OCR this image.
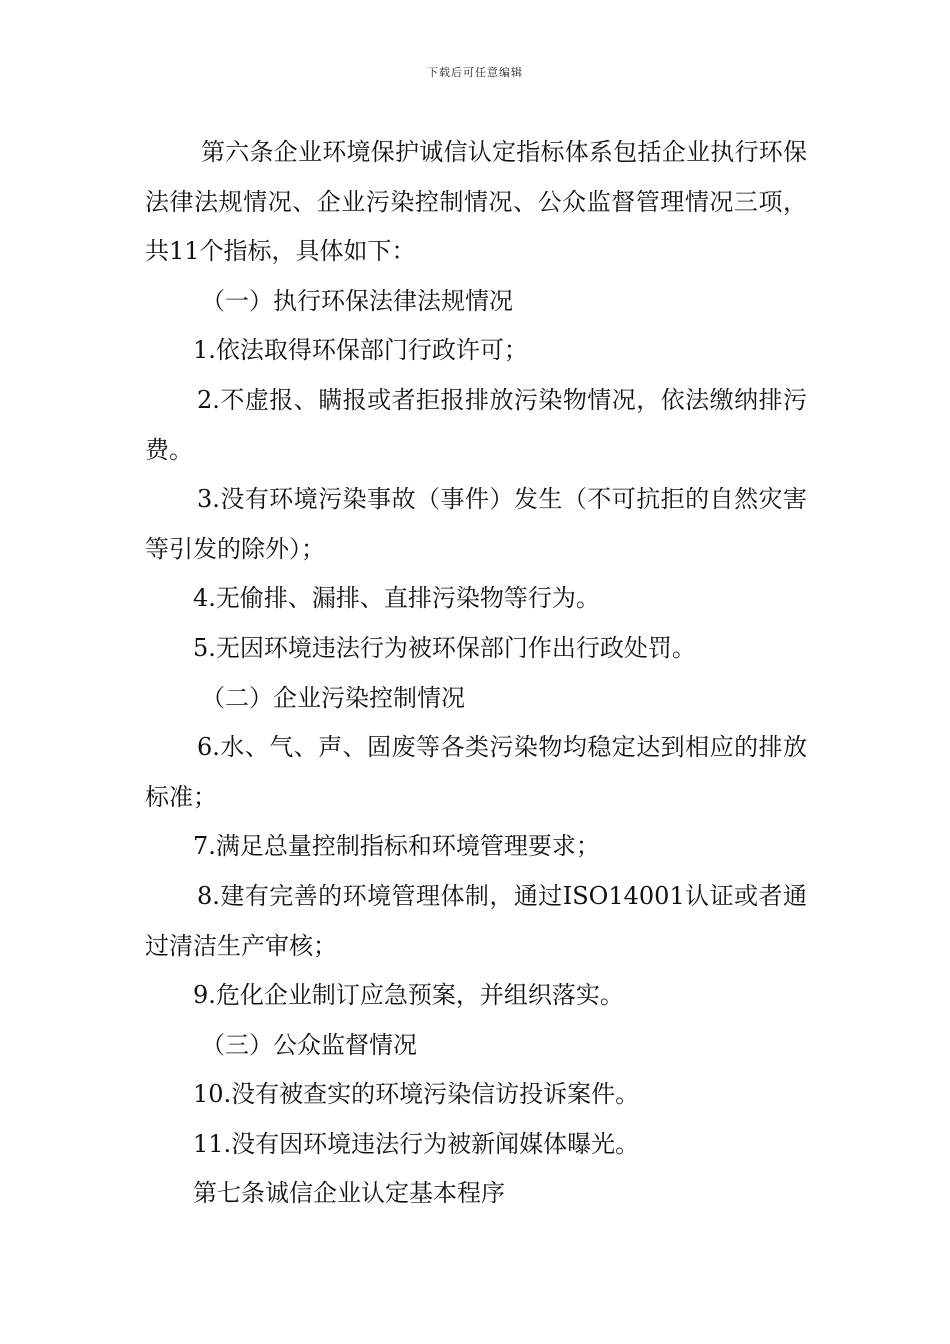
下载后可任意编辑

第六条企业环境保护诚信认定指标体系包括企业执行环保法律法规情况、企业污染控制情况、公众监督管理情况三项，共11个指标，具体如下：

（一）执行环保法律法规情况

1.依法取得环保部门行政许可；

2.不虚报、瞒报或者拒报排放污染物情况，依法缴纳排污费。

3.没有环境污染事故（事件）发生（不可抗拒的自然灾害等引发的除外）；

4.无偷排、漏排、直排污染物等行为。

5.无因环境违法行为被环保部门作出行政处罚。

（二）企业污染控制情况

6.水、气、声、固废等各类污染物均稳定达到相应的排放标准；

7.满足总量控制指标和环境管理要求；

8.建有完善的环境管理体制，通过ISO14001认证或者通过清洁生产审核；

9.危化企业制订应急预案，并组织落实。

（三）公众监督情况

10.没有被查实的环境污染信访投诉案件。

11.没有因环境违法行为被新闻媒体曝光。

第七条诚信企业认定基本程序
